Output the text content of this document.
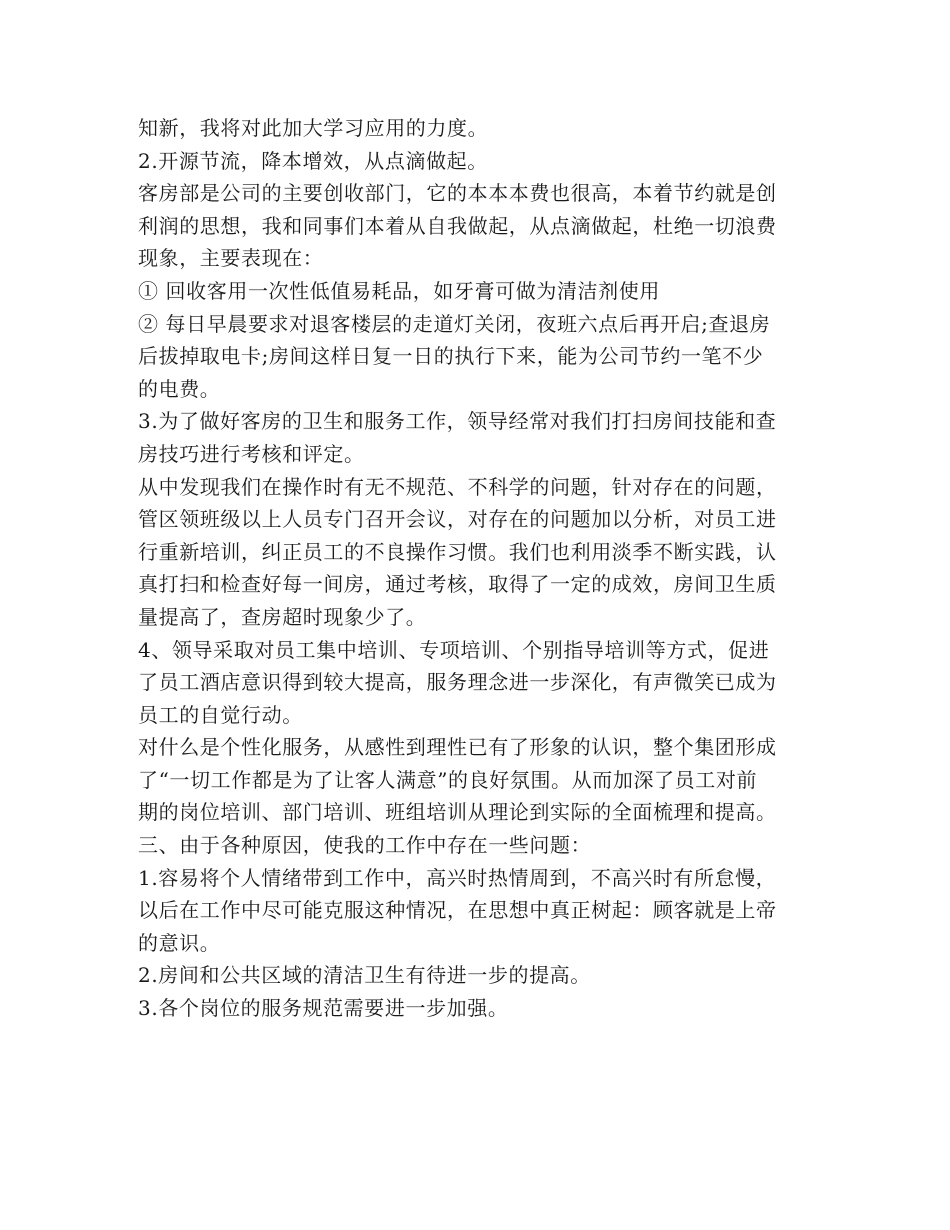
知新，我将对此加大学习应用的力度。
2.开源节流，降本增效，从点滴做起。
客房部是公司的主要创收部门，它的本本本费也很高，本着节约就是创
利润的思想，我和同事们本着从自我做起，从点滴做起，杜绝一切浪费
现象，主要表现在：
① 回收客用一次性低值易耗品，如牙膏可做为清洁剂使用
② 每日早晨要求对退客楼层的走道灯关闭，夜班六点后再开启;查退房
后拔掉取电卡;房间这样日复一日的执行下来，能为公司节约一笔不少
的电费。
3.为了做好客房的卫生和服务工作，领导经常对我们打扫房间技能和查
房技巧进行考核和评定。
从中发现我们在操作时有无不规范、不科学的问题，针对存在的问题，
管区领班级以上人员专门召开会议，对存在的问题加以分析，对员工进
行重新培训，纠正员工的不良操作习惯。我们也利用淡季不断实践，认
真打扫和检查好每一间房，通过考核，取得了一定的成效，房间卫生质
量提高了，查房超时现象少了。
4、领导采取对员工集中培训、专项培训、个别指导培训等方式，促进
了员工酒店意识得到较大提高，服务理念进一步深化，有声微笑已成为
员工的自觉行动。
对什么是个性化服务，从感性到理性已有了形象的认识，整个集团形成
了“一切工作都是为了让客人满意”的良好氛围。从而加深了员工对前
期的岗位培训、部门培训、班组培训从理论到实际的全面梳理和提高。
三、由于各种原因，使我的工作中存在一些问题：
1.容易将个人情绪带到工作中，高兴时热情周到，不高兴时有所怠慢，
以后在工作中尽可能克服这种情况，在思想中真正树起：顾客就是上帝
的意识。
2.房间和公共区域的清洁卫生有待进一步的提高。
3.各个岗位的服务规范需要进一步加强。
